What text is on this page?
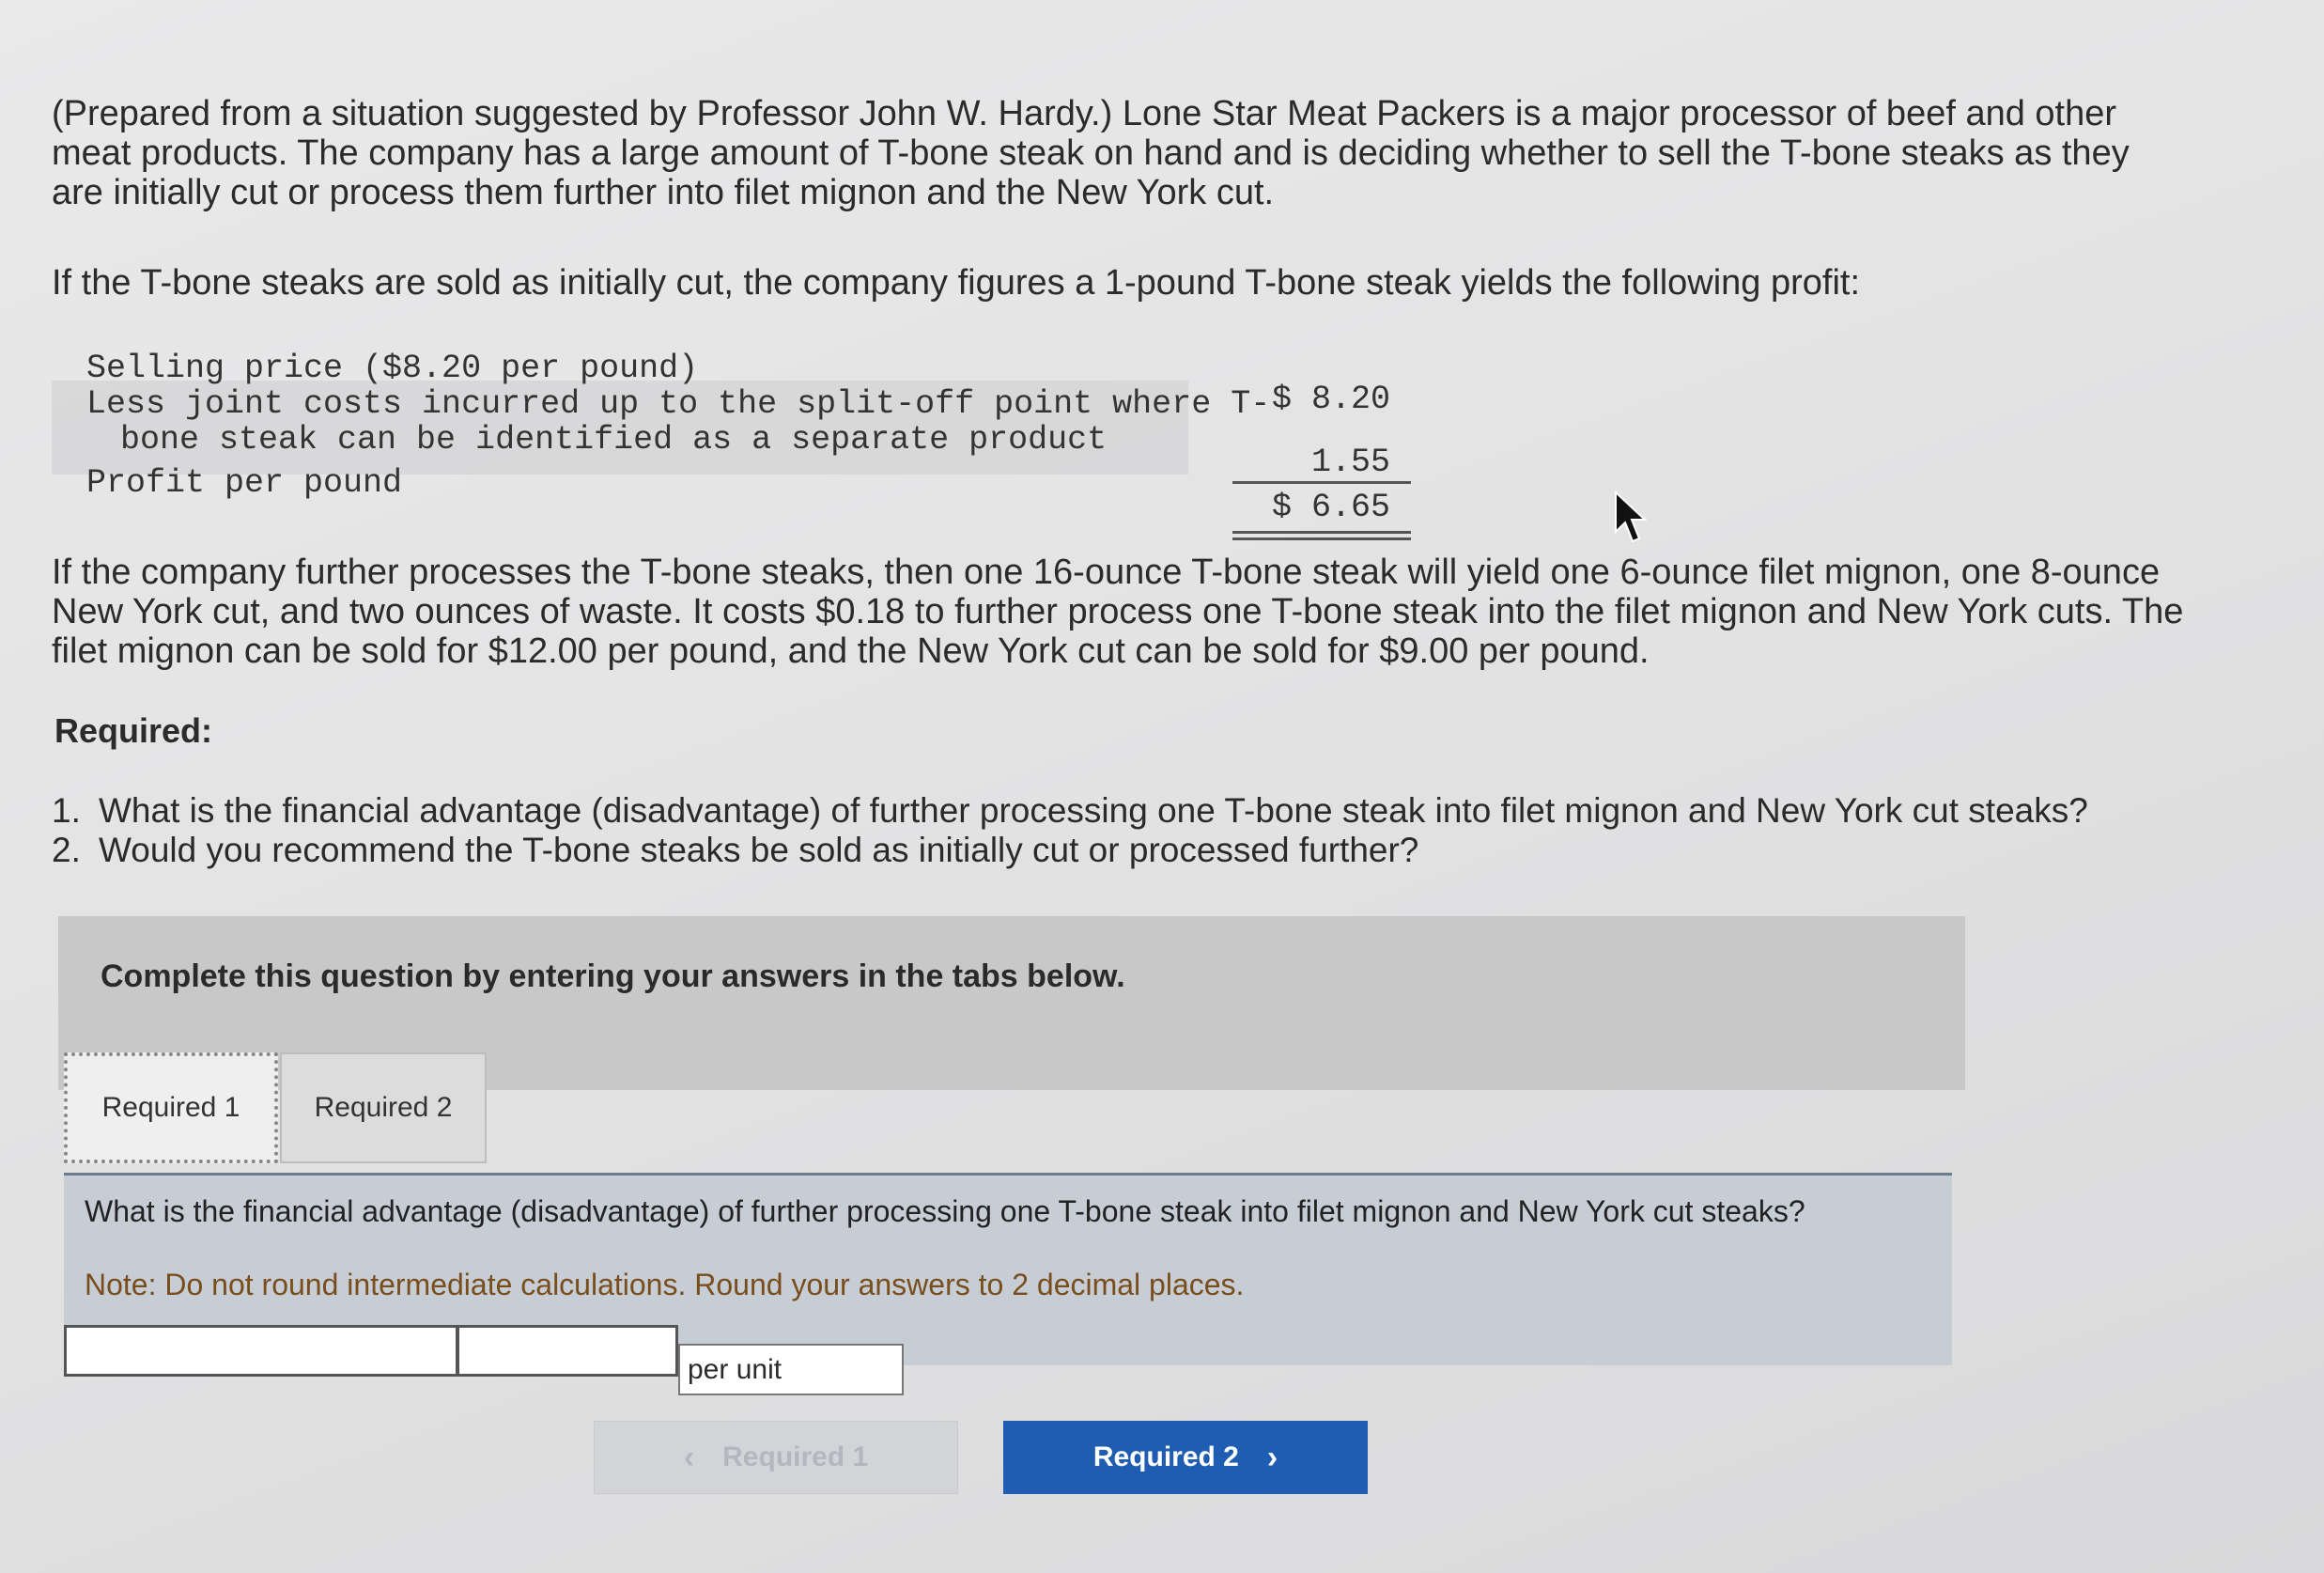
(Prepared from a situation suggested by Professor John W. Hardy.) Lone Star Meat Packers is a major processor of beef and other
meat products. The company has a large amount of T-bone steak on hand and is deciding whether to sell the T-bone steaks as they
are initially cut or process them further into filet mignon and the New York cut.
If the T-bone steaks are sold as initially cut, the company figures a 1-pound T-bone steak yields the following profit:
Selling price ($8.20 per pound)
Less joint costs incurred up to the split-off point where T-
bone steak can be identified as a separate product
Profit per pound
$ 8.20
1.55
$ 6.65
If the company further processes the T-bone steaks, then one 16-ounce T-bone steak will yield one 6-ounce filet mignon, one 8-ounce
New York cut, and two ounces of waste. It costs $0.18 to further process one T-bone steak into the filet mignon and New York cuts. The
filet mignon can be sold for $12.00 per pound, and the New York cut can be sold for $9.00 per pound.
Required:
1. What is the financial advantage (disadvantage) of further processing one T-bone steak into filet mignon and New York cut steaks?
2. Would you recommend the T-bone steaks be sold as initially cut or processed further?
Complete this question by entering your answers in the tabs below.
Required 1	Required 2

What is the financial advantage (disadvantage) of further processing one T-bone steak into filet mignon and New York cut steaks?

Note: Do not round intermediate calculations. Round your answers to 2 decimal places.
per unit
‹ Required 1	Required 2 ›
